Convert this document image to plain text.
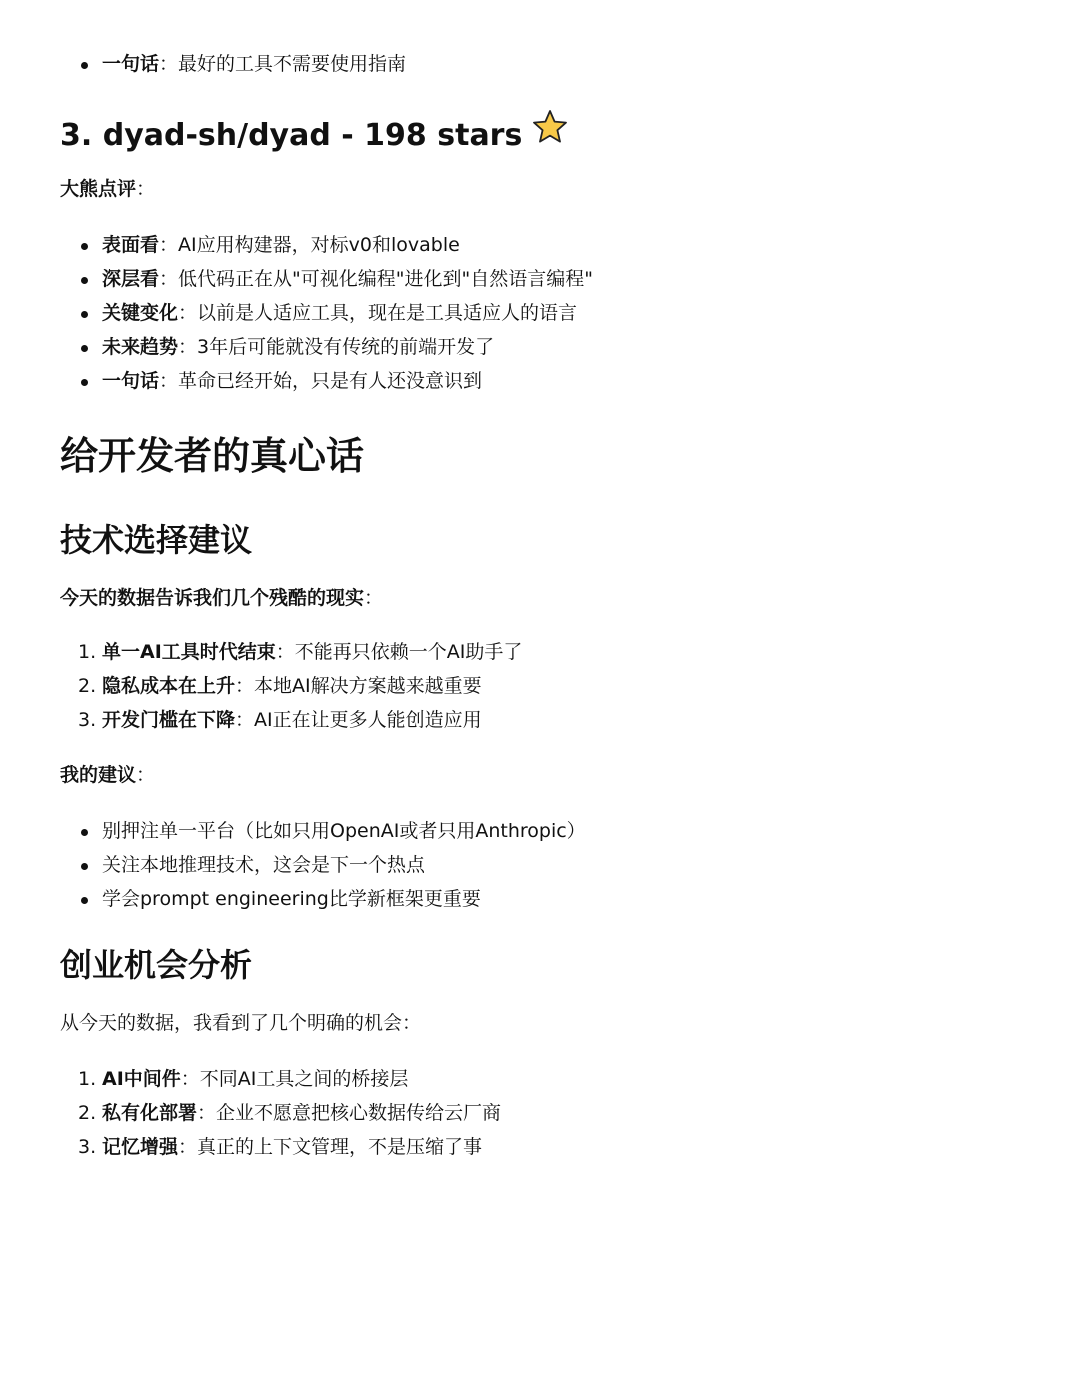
一句话：最好的工具不需要使用指南
3. dyad-sh/dyad - 198 stars

大熊点评：

表面看：AI应用构建器，对标v0和lovable
深层看：低代码正在从"可视化编程"进化到"自然语言编程"
关键变化：以前是人适应工具，现在是工具适应人的语言
未来趋势：3年后可能就没有传统的前端开发了
一句话：革命已经开始，只是有人还没意识到
给开发者的真心话
技术选择建议

今天的数据告诉我们几个残酷的现实：

1. 单一AI工具时代结束：不能再只依赖一个AI助手了
2. 隐私成本在上升：本地AI解决方案越来越重要
3. 开发门槛在下降：AI正在让更多人能创造应用

我的建议：

别押注单一平台（比如只用OpenAI或者只用Anthropic）
关注本地推理技术，这会是下一个热点
学会prompt engineering比学新框架更重要
创业机会分析

从今天的数据，我看到了几个明确的机会：

1. AI中间件：不同AI工具之间的桥接层
2. 私有化部署：企业不愿意把核心数据传给云厂商
3. 记忆增强：真正的上下文管理，不是压缩了事
